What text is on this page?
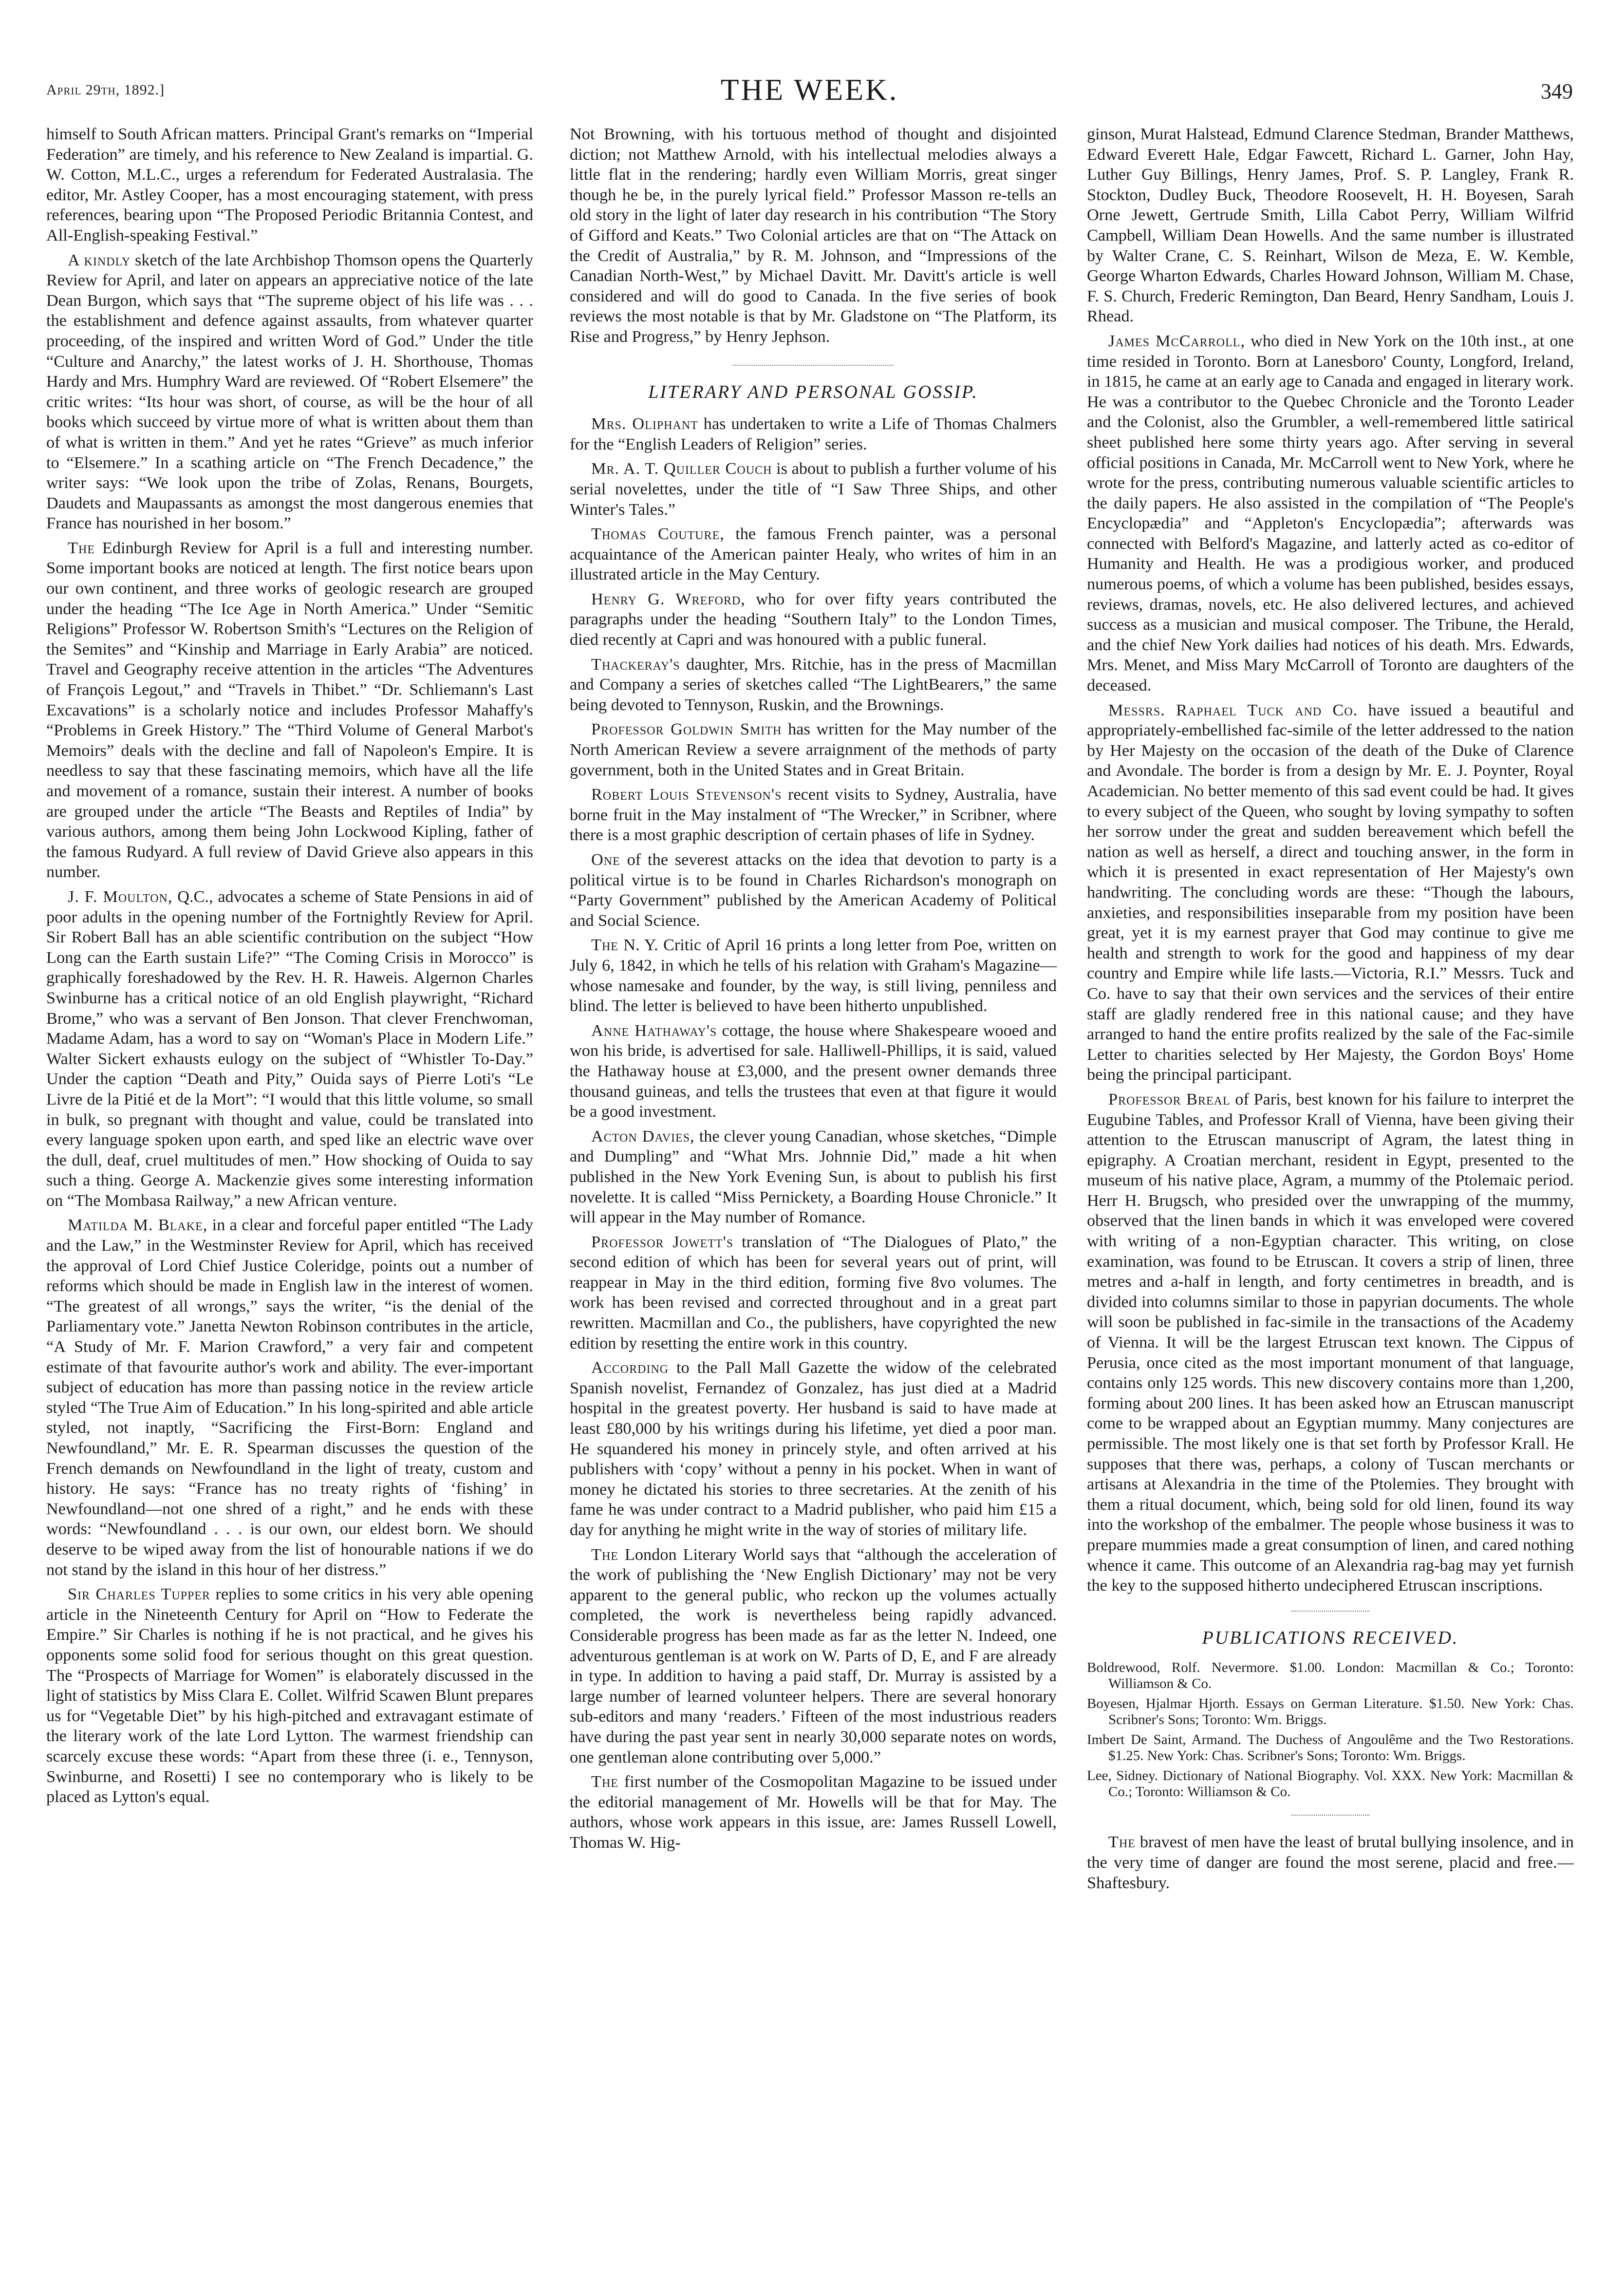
April 29th, 1892.]	THE WEEK.	349

himself to South African matters. Principal Grant's remarks on “Imperial Federation” are timely, and his reference to New Zealand is impartial. G. W. Cotton, M.L.C., urges a referendum for Federated Australasia. The editor, Mr. Astley Cooper, has a most encouraging statement, with press references, bearing upon “The Proposed Periodic Britannia Contest, and All-English-speaking Festival.”

A kindly sketch of the late Archbishop Thomson opens the Quarterly Review for April, and later on appears an appreciative notice of the late Dean Burgon, which says that “The supreme object of his life was . . . the establishment and defence against assaults, from whatever quarter proceeding, of the inspired and written Word of God.” Under the title “Culture and Anarchy,” the latest works of J. H. Shorthouse, Thomas Hardy and Mrs. Humphry Ward are reviewed. Of “Robert Elsemere” the critic writes: “Its hour was short, of course, as will be the hour of all books which succeed by virtue more of what is written about them than of what is written in them.” And yet he rates “Grieve” as much inferior to “Elsemere.” In a scathing article on “The French Decadence,” the writer says: “We look upon the tribe of Zolas, Renans, Bourgets, Daudets and Maupassants as amongst the most dangerous enemies that France has nourished in her bosom.”

The Edinburgh Review for April is a full and interesting number. Some important books are noticed at length. The first notice bears upon our own continent, and three works of geologic research are grouped under the heading “The Ice Age in North America.” Under “Semitic Religions” Professor W. Robertson Smith's “Lectures on the Religion of the Semites” and “Kinship and Marriage in Early Arabia” are noticed. Travel and Geography receive attention in the articles “The Adventures of François Legout,” and “Travels in Thibet.” “Dr. Schliemann's Last Excavations” is a scholarly notice and includes Professor Mahaffy's “Problems in Greek History.” The “Third Volume of General Marbot's Memoirs” deals with the decline and fall of Napoleon's Empire. It is needless to say that these fascinating memoirs, which have all the life and movement of a romance, sustain their interest. A number of books are grouped under the article “The Beasts and Reptiles of India” by various authors, among them being John Lockwood Kipling, father of the famous Rudyard. A full review of David Grieve also appears in this number.

J. F. Moulton, Q.C., advocates a scheme of State Pensions in aid of poor adults in the opening number of the Fortnightly Review for April. Sir Robert Ball has an able scientific contribution on the subject “How Long can the Earth sustain Life?” “The Coming Crisis in Morocco” is graphically foreshadowed by the Rev. H. R. Haweis. Algernon Charles Swinburne has a critical notice of an old English playwright, “Richard Brome,” who was a servant of Ben Jonson. That clever Frenchwoman, Madame Adam, has a word to say on “Woman's Place in Modern Life.” Walter Sickert exhausts eulogy on the subject of “Whistler To-Day.” Under the caption “Death and Pity,” Ouida says of Pierre Loti's “Le Livre de la Pitié et de la Mort”: “I would that this little volume, so small in bulk, so pregnant with thought and value, could be translated into every language spoken upon earth, and sped like an electric wave over the dull, deaf, cruel multitudes of men.” How shocking of Ouida to say such a thing. George A. Mackenzie gives some interesting information on “The Mombasa Railway,” a new African venture.

Matilda M. Blake, in a clear and forceful paper entitled “The Lady and the Law,” in the Westminster Review for April, which has received the approval of Lord Chief Justice Coleridge, points out a number of reforms which should be made in English law in the interest of women. “The greatest of all wrongs,” says the writer, “is the denial of the Parliamentary vote.” Janetta Newton Robinson contributes in the article, “A Study of Mr. F. Marion Crawford,” a very fair and competent estimate of that favourite author's work and ability. The ever-important subject of education has more than passing notice in the review article styled “The True Aim of Education.” In his long-spirited and able article styled, not inaptly, “Sacrificing the First-Born: England and Newfoundland,” Mr. E. R. Spearman discusses the question of the French demands on Newfoundland in the light of treaty, custom and history. He says: “France has no treaty rights of ‘fishing’ in Newfoundland—not one shred of a right,” and he ends with these words: “Newfoundland . . . is our own, our eldest born. We should deserve to be wiped away from the list of honourable nations if we do not stand by the island in this hour of her distress.”

Sir Charles Tupper replies to some critics in his very able opening article in the Nineteenth Century for April on “How to Federate the Empire.” Sir Charles is nothing if he is not practical, and he gives his opponents some solid food for serious thought on this great question. The “Prospects of Marriage for Women” is elaborately discussed in the light of statistics by Miss Clara E. Collet. Wilfrid Scawen Blunt prepares us for “Vegetable Diet” by his high-pitched and extravagant estimate of the literary work of the late Lord Lytton. The warmest friendship can scarcely excuse these words: “Apart from these three (i. e., Tennyson, Swinburne, and Rosetti) I see no contemporary who is likely to be placed as Lytton's equal.

Not Browning, with his tortuous method of thought and disjointed diction; not Matthew Arnold, with his intellectual melodies always a little flat in the rendering; hardly even William Morris, great singer though he be, in the purely lyrical field.” Professor Masson re-tells an old story in the light of later day research in his contribution “The Story of Gifford and Keats.” Two Colonial articles are that on “The Attack on the Credit of Australia,” by R. M. Johnson, and “Impressions of the Canadian North-West,” by Michael Davitt. Mr. Davitt's article is well considered and will do good to Canada. In the five series of book reviews the most notable is that by Mr. Gladstone on “The Platform, its Rise and Progress,” by Henry Jephson.

LITERARY AND PERSONAL GOSSIP.

Mrs. Oliphant has undertaken to write a Life of Thomas Chalmers for the “English Leaders of Religion” series.

Mr. A. T. Quiller Couch is about to publish a further volume of his serial novelettes, under the title of “I Saw Three Ships, and other Winter's Tales.”

Thomas Couture, the famous French painter, was a personal acquaintance of the American painter Healy, who writes of him in an illustrated article in the May Century.

Henry G. Wreford, who for over fifty years contributed the paragraphs under the heading “Southern Italy” to the London Times, died recently at Capri and was honoured with a public funeral.

Thackeray's daughter, Mrs. Ritchie, has in the press of Macmillan and Company a series of sketches called “The LightBearers,” the same being devoted to Tennyson, Ruskin, and the Brownings.

Professor Goldwin Smith has written for the May number of the North American Review a severe arraignment of the methods of party government, both in the United States and in Great Britain.

Robert Louis Stevenson's recent visits to Sydney, Australia, have borne fruit in the May instalment of “The Wrecker,” in Scribner, where there is a most graphic description of certain phases of life in Sydney.

One of the severest attacks on the idea that devotion to party is a political virtue is to be found in Charles Richardson's monograph on “Party Government” published by the American Academy of Political and Social Science.

The N. Y. Critic of April 16 prints a long letter from Poe, written on July 6, 1842, in which he tells of his relation with Graham's Magazine—whose namesake and founder, by the way, is still living, penniless and blind. The letter is believed to have been hitherto unpublished.

Anne Hathaway's cottage, the house where Shakespeare wooed and won his bride, is advertised for sale. Halliwell-Phillips, it is said, valued the Hathaway house at £3,000, and the present owner demands three thousand guineas, and tells the trustees that even at that figure it would be a good investment.

Acton Davies, the clever young Canadian, whose sketches, “Dimple and Dumpling” and “What Mrs. Johnnie Did,” made a hit when published in the New York Evening Sun, is about to publish his first novelette. It is called “Miss Pernickety, a Boarding House Chronicle.” It will appear in the May number of Romance.

Professor Jowett's translation of “The Dialogues of Plato,” the second edition of which has been for several years out of print, will reappear in May in the third edition, forming five 8vo volumes. The work has been revised and corrected throughout and in a great part rewritten. Macmillan and Co., the publishers, have copyrighted the new edition by resetting the entire work in this country.

According to the Pall Mall Gazette the widow of the celebrated Spanish novelist, Fernandez of Gonzalez, has just died at a Madrid hospital in the greatest poverty. Her husband is said to have made at least £80,000 by his writings during his lifetime, yet died a poor man. He squandered his money in princely style, and often arrived at his publishers with ‘copy’ without a penny in his pocket. When in want of money he dictated his stories to three secretaries. At the zenith of his fame he was under contract to a Madrid publisher, who paid him £15 a day for anything he might write in the way of stories of military life.

The London Literary World says that “although the acceleration of the work of publishing the ‘New English Dictionary’ may not be very apparent to the general public, who reckon up the volumes actually completed, the work is nevertheless being rapidly advanced. Considerable progress has been made as far as the letter N. Indeed, one adventurous gentleman is at work on W. Parts of D, E, and F are already in type. In addition to having a paid staff, Dr. Murray is assisted by a large number of learned volunteer helpers. There are several honorary sub-editors and many ‘readers.’ Fifteen of the most industrious readers have during the past year sent in nearly 30,000 separate notes on words, one gentleman alone contributing over 5,000.”

The first number of the Cosmopolitan Magazine to be issued under the editorial management of Mr. Howells will be that for May. The authors, whose work appears in this issue, are: James Russell Lowell, Thomas W. Hig-

ginson, Murat Halstead, Edmund Clarence Stedman, Brander Matthews, Edward Everett Hale, Edgar Fawcett, Richard L. Garner, John Hay, Luther Guy Billings, Henry James, Prof. S. P. Langley, Frank R. Stockton, Dudley Buck, Theodore Roosevelt, H. H. Boyesen, Sarah Orne Jewett, Gertrude Smith, Lilla Cabot Perry, William Wilfrid Campbell, William Dean Howells. And the same number is illustrated by Walter Crane, C. S. Reinhart, Wilson de Meza, E. W. Kemble, George Wharton Edwards, Charles Howard Johnson, William M. Chase, F. S. Church, Frederic Remington, Dan Beard, Henry Sandham, Louis J. Rhead.

James McCarroll, who died in New York on the 10th inst., at one time resided in Toronto. Born at Lanesboro' County, Longford, Ireland, in 1815, he came at an early age to Canada and engaged in literary work. He was a contributor to the Quebec Chronicle and the Toronto Leader and the Colonist, also the Grumbler, a well-remembered little satirical sheet published here some thirty years ago. After serving in several official positions in Canada, Mr. McCarroll went to New York, where he wrote for the press, contributing numerous valuable scientific articles to the daily papers. He also assisted in the compilation of “The People's Encyclopædia” and “Appleton's Encyclopædia”; afterwards was connected with Belford's Magazine, and latterly acted as co-editor of Humanity and Health. He was a prodigious worker, and produced numerous poems, of which a volume has been published, besides essays, reviews, dramas, novels, etc. He also delivered lectures, and achieved success as a musician and musical composer. The Tribune, the Herald, and the chief New York dailies had notices of his death. Mrs. Edwards, Mrs. Menet, and Miss Mary McCarroll of Toronto are daughters of the deceased.

Messrs. Raphael Tuck and Co. have issued a beautiful and appropriately-embellished fac-simile of the letter addressed to the nation by Her Majesty on the occasion of the death of the Duke of Clarence and Avondale. The border is from a design by Mr. E. J. Poynter, Royal Academician. No better memento of this sad event could be had. It gives to every subject of the Queen, who sought by loving sympathy to soften her sorrow under the great and sudden bereavement which befell the nation as well as herself, a direct and touching answer, in the form in which it is presented in exact representation of Her Majesty's own handwriting. The concluding words are these: “Though the labours, anxieties, and responsibilities inseparable from my position have been great, yet it is my earnest prayer that God may continue to give me health and strength to work for the good and happiness of my dear country and Empire while life lasts.—Victoria, R.I.” Messrs. Tuck and Co. have to say that their own services and the services of their entire staff are gladly rendered free in this national cause; and they have arranged to hand the entire profits realized by the sale of the Fac-simile Letter to charities selected by Her Majesty, the Gordon Boys' Home being the principal participant.

Professor Breal of Paris, best known for his failure to interpret the Eugubine Tables, and Professor Krall of Vienna, have been giving their attention to the Etruscan manuscript of Agram, the latest thing in epigraphy. A Croatian merchant, resident in Egypt, presented to the museum of his native place, Agram, a mummy of the Ptolemaic period. Herr H. Brugsch, who presided over the unwrapping of the mummy, observed that the linen bands in which it was enveloped were covered with writing of a non-Egyptian character. This writing, on close examination, was found to be Etruscan. It covers a strip of linen, three metres and a-half in length, and forty centimetres in breadth, and is divided into columns similar to those in papyrian documents. The whole will soon be published in fac-simile in the transactions of the Academy of Vienna. It will be the largest Etruscan text known. The Cippus of Perusia, once cited as the most important monument of that language, contains only 125 words. This new discovery contains more than 1,200, forming about 200 lines. It has been asked how an Etruscan manuscript come to be wrapped about an Egyptian mummy. Many conjectures are permissible. The most likely one is that set forth by Professor Krall. He supposes that there was, perhaps, a colony of Tuscan merchants or artisans at Alexandria in the time of the Ptolemies. They brought with them a ritual document, which, being sold for old linen, found its way into the workshop of the embalmer. The people whose business it was to prepare mummies made a great consumption of linen, and cared nothing whence it came. This outcome of an Alexandria rag-bag may yet furnish the key to the supposed hitherto undeciphered Etruscan inscriptions.

PUBLICATIONS RECEIVED.

Boldrewood, Rolf. Nevermore. $1.00. London: Macmillan & Co.; Toronto: Williamson & Co.

Boyesen, Hjalmar Hjorth. Essays on German Literature. $1.50. New York: Chas. Scribner's Sons; Toronto: Wm. Briggs.

Imbert De Saint, Armand. The Duchess of Angoulême and the Two Restorations. $1.25. New York: Chas. Scribner's Sons; Toronto: Wm. Briggs.

Lee, Sidney. Dictionary of National Biography. Vol. XXX. New York: Macmillan & Co.; Toronto: Williamson & Co.

The bravest of men have the least of brutal bullying insolence, and in the very time of danger are found the most serene, placid and free.—Shaftesbury.
